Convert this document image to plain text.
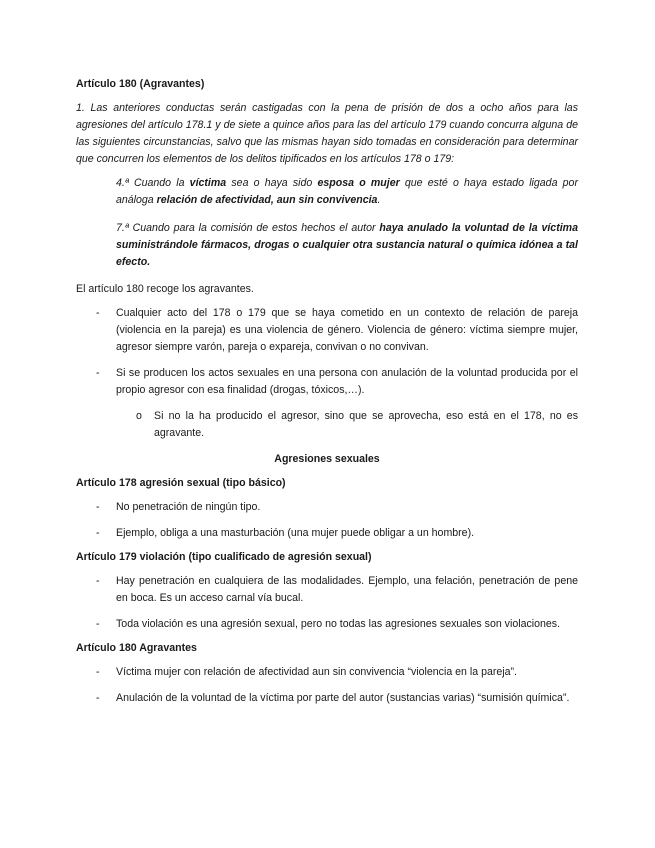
Artículo 180 (Agravantes)

1. Las anteriores conductas serán castigadas con la pena de prisión de dos a ocho años para las agresiones del artículo 178.1 y de siete a quince años para las del artículo 179 cuando concurra alguna de las siguientes circunstancias, salvo que las mismas hayan sido tomadas en consideración para determinar que concurren los elementos de los delitos tipificados en los artículos 178 o 179:

4.ª Cuando la víctima sea o haya sido esposa o mujer que esté o haya estado ligada por análoga relación de afectividad, aun sin convivencia.

7.ª Cuando para la comisión de estos hechos el autor haya anulado la voluntad de la víctima suministrándole fármacos, drogas o cualquier otra sustancia natural o química idónea a tal efecto.

El artículo 180 recoge los agravantes.

- Cualquier acto del 178 o 179 que se haya cometido en un contexto de relación de pareja (violencia en la pareja) es una violencia de género. Violencia de género: víctima siempre mujer, agresor siempre varón, pareja o expareja, convivan o no convivan.
- Si se producen los actos sexuales en una persona con anulación de la voluntad producida por el propio agresor con esa finalidad (drogas, tóxicos,…).
o Si no la ha producido el agresor, sino que se aprovecha, eso está en el 178, no es agravante.

Agresiones sexuales

Artículo 178 agresión sexual (tipo básico)

- No penetración de ningún tipo.
- Ejemplo, obliga a una masturbación (una mujer puede obligar a un hombre).

Artículo 179 violación (tipo cualificado de agresión sexual)

- Hay penetración en cualquiera de las modalidades. Ejemplo, una felación, penetración de pene en boca. Es un acceso carnal vía bucal.
- Toda violación es una agresión sexual, pero no todas las agresiones sexuales son violaciones.

Artículo 180 Agravantes

- Víctima mujer con relación de afectividad aun sin convivencia “violencia en la pareja”.
- Anulación de la voluntad de la víctima por parte del autor (sustancias varias) “sumisión química”.
